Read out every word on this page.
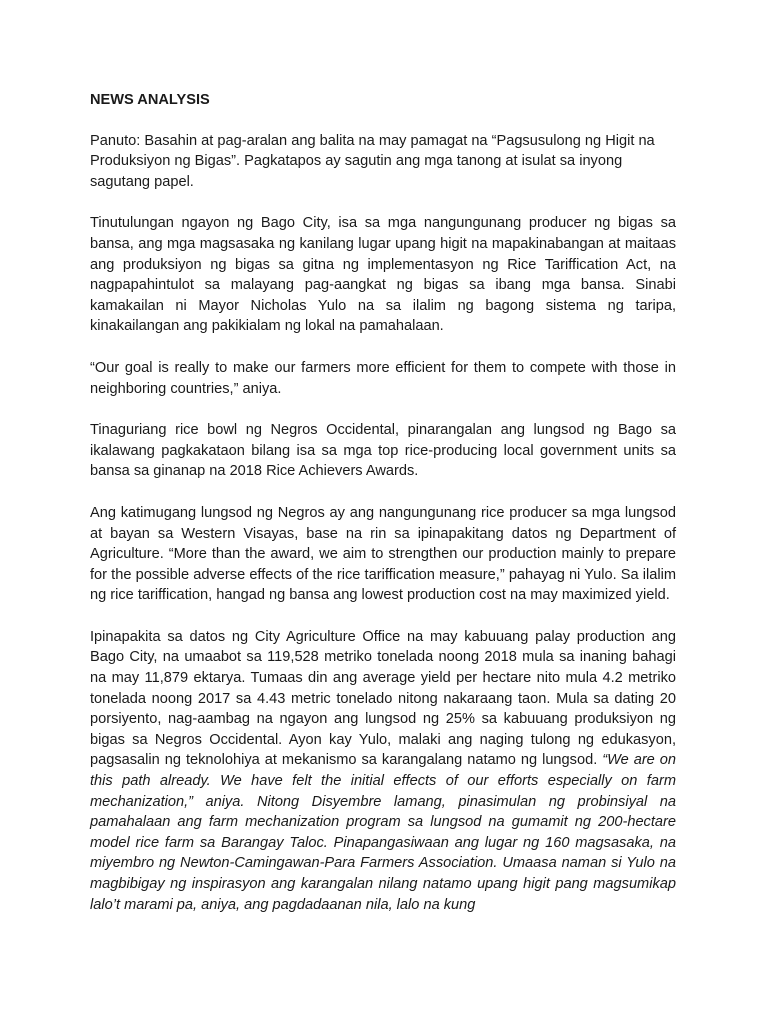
NEWS ANALYSIS

Panuto: Basahin at pag-aralan ang balita na may pamagat na “Pagsusulong ng Higit na Produksiyon ng Bigas”. Pagkatapos ay sagutin ang mga tanong at isulat sa inyong sagutang papel.

Tinutulungan ngayon ng Bago City, isa sa mga nangungunang producer ng bigas sa bansa, ang mga magsasaka ng kanilang lugar upang higit na mapakinabangan at maitaas ang produksiyon ng bigas sa gitna ng implementasyon ng Rice Tariffication Act, na nagpapahintulot sa malayang pag-aangkat ng bigas sa ibang mga bansa. Sinabi kamakailan ni Mayor Nicholas Yulo na sa ilalim ng bagong sistema ng taripa, kinakailangan ang pakikialam ng lokal na pamahalaan.

“Our goal is really to make our farmers more efficient for them to compete with those in neighboring countries,” aniya.

Tinaguriang rice bowl ng Negros Occidental, pinarangalan ang lungsod ng Bago sa ikalawang pagkakataon bilang isa sa mga top rice-producing local government units sa bansa sa ginanap na 2018 Rice Achievers Awards.

Ang katimugang lungsod ng Negros ay ang nangungunang rice producer sa mga lungsod at bayan sa Western Visayas, base na rin sa ipinapakitang datos ng Department of Agriculture. “More than the award, we aim to strengthen our production mainly to prepare for the possible adverse effects of the rice tariffication measure,” pahayag ni Yulo. Sa ilalim ng rice tariffication, hangad ng bansa ang lowest production cost na may maximized yield.

Ipinapakita sa datos ng City Agriculture Office na may kabuuang palay production ang Bago City, na umaabot sa 119,528 metriko tonelada noong 2018 mula sa inaning bahagi na may 11,879 ektarya. Tumaas din ang average yield per hectare nito mula 4.2 metriko tonelada noong 2017 sa 4.43 metric tonelado nitong nakaraang taon. Mula sa dating 20 porsiyento, nag-aambag na ngayon ang lungsod ng 25% sa kabuuang produksiyon ng bigas sa Negros Occidental. Ayon kay Yulo, malaki ang naging tulong ng edukasyon, pagsasalin ng teknolohiya at mekanismo sa karangalang natamo ng lungsod. “We are on this path already. We have felt the initial effects of our efforts especially on farm mechanization,” aniya. Nitong Disyembre lamang, pinasimulan ng probinsiyal na pamahalaan ang farm mechanization program sa lungsod na gumamit ng 200-hectare model rice farm sa Barangay Taloc. Pinapangasiwaan ang lugar ng 160 magsasaka, na miyembro ng Newton-Camingawan-Para Farmers Association. Umaasa naman si Yulo na magbibigay ng inspirasyon ang karangalan nilang natamo upang higit pang magsumikap lalo’t marami pa, aniya, ang pagdadaanan nila, lalo na kung
